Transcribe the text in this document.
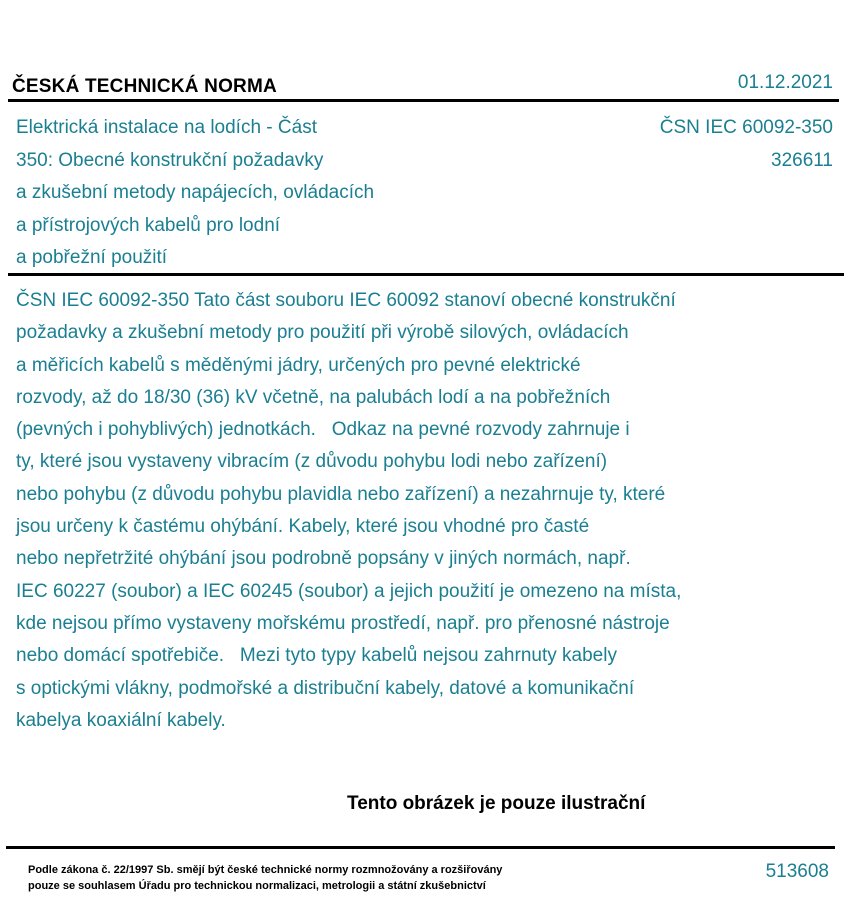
ČESKÁ TECHNICKÁ NORMA	01.12.2021
Elektrická instalace na lodích - Část
350: Obecné konstrukční požadavky
a zkušební metody napájecích, ovládacích
a přístrojových kabelů pro lodní
a pobřežní použití
ČSN IEC 60092-350
326611
ČSN IEC 60092-350 Tato část souboru IEC 60092 stanoví obecné konstrukční
požadavky a zkušební metody pro použití při výrobě silových, ovládacích
a měřicích kabelů s měděnými jádry, určených pro pevné elektrické
rozvody, až do 18/30 (36) kV včetně, na palubách lodí a na pobřežních
(pevných i pohyblivých) jednotkách.   Odkaz na pevné rozvody zahrnuje i
ty, které jsou vystaveny vibracím (z důvodu pohybu lodi nebo zařízení)
nebo pohybu (z důvodu pohybu plavidla nebo zařízení) a nezahrnuje ty, které
jsou určeny k častému ohýbání. Kabely, které jsou vhodné pro časté
nebo nepřetržité ohýbání jsou podrobně popsány v jiných normách, např.
IEC 60227 (soubor) a IEC 60245 (soubor) a jejich použití je omezeno na místa,
kde nejsou přímo vystaveny mořskému prostředí, např. pro přenosné nástroje
nebo domácí spotřebiče.   Mezi tyto typy kabelů nejsou zahrnuty kabely
s optickými vlákny, podmořské a distribuční kabely, datové a komunikační
kabelya koaxiální kabely.
Tento obrázek je pouze ilustrační
Podle zákona č. 22/1997 Sb. smějí být české technické normy rozmnožovány a rozšiřovány
pouze se souhlasem Úřadu pro technickou normalizaci, metrologii a státní zkušebnictví
513608
